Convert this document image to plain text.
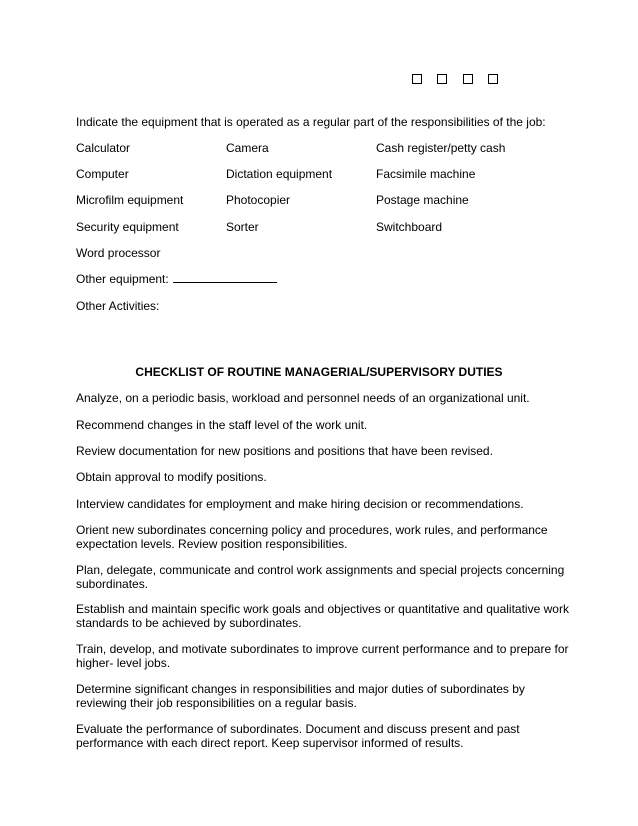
Indicate the equipment that is operated as a regular part of the responsibilities of the job:
Calculator	Camera	Cash register/petty cash
Computer	Dictation equipment	Facsimile machine
Microfilm equipment	Photocopier	Postage machine
Security equipment	Sorter	Switchboard
Word processor
Other equipment:
Other Activities:
CHECKLIST OF ROUTINE MANAGERIAL/SUPERVISORY DUTIES
Analyze, on a periodic basis, workload and personnel needs of an organizational unit.
Recommend changes in the staff level of the work unit.
Review documentation for new positions and positions that have been revised.
Obtain approval to modify positions.
Interview candidates for employment and make hiring decision or recommendations.
Orient new subordinates concerning policy and procedures, work rules, and performance expectation levels. Review position responsibilities.
Plan, delegate, communicate and control work assignments and special projects concerning subordinates.
Establish and maintain specific work goals and objectives or quantitative and qualitative work standards to be achieved by subordinates.
Train, develop, and motivate subordinates to improve current performance and to prepare for higher- level jobs.
Determine significant changes in responsibilities and major duties of subordinates by reviewing their job responsibilities on a regular basis.
Evaluate the performance of subordinates. Document and discuss present and past performance with each direct report. Keep supervisor informed of results.
